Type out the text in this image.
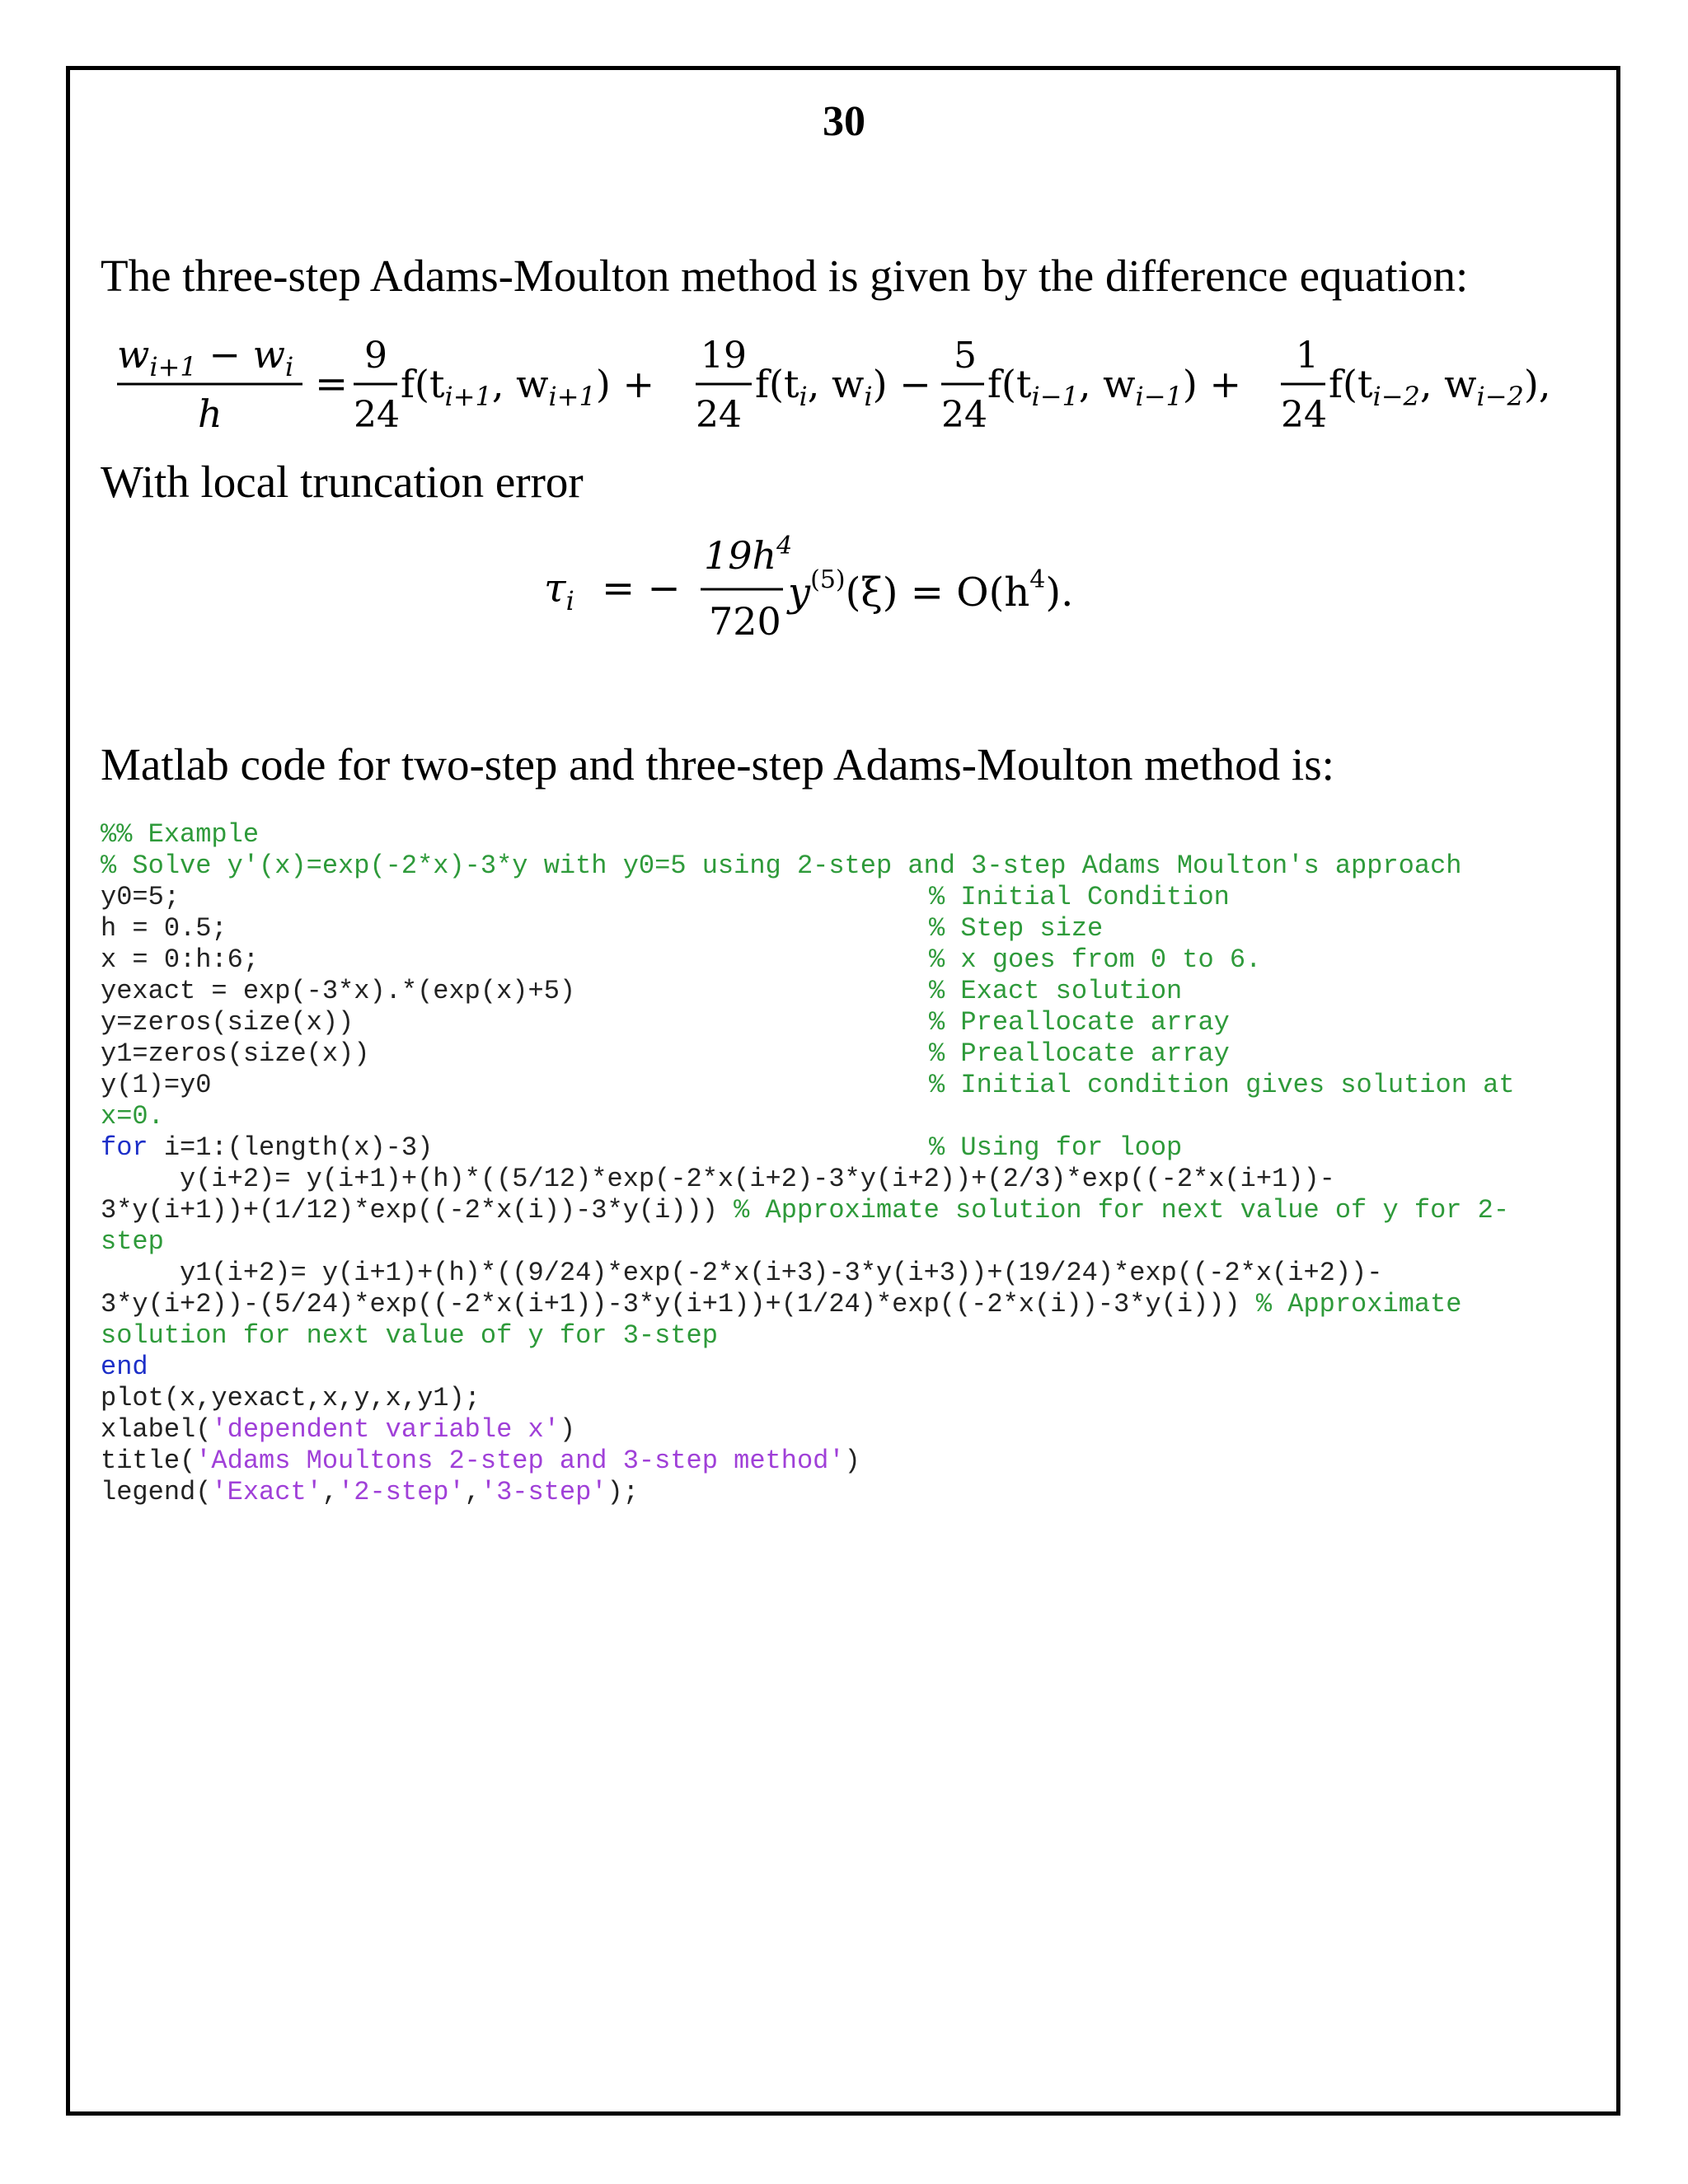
30
The three-step Adams-Moulton method is given by the difference equation:
$w_{i+1} - w_i$
h
=
9
24
$f(t_{i+1}$, $w_{i+1}$) +
19
24
$f(t_i$, $w_i$) −
5
24
$f(t_{i-1}$, $w_{i-1}$) +
1
24
$f(t_{i-2}$, $w_{i-2}$),
With local truncation error
$\tau_i$ = −
$19h^4$
720
$y^{(5)}(\xi) = O(h^4)$.
Matlab code for two-step and three-step Adams-Moulton method is:
%% Example
% Solve y'(x)=exp(-2*x)-3*y with y0=5 using 2-step and 3-step Adams Moulton's approach
y0=5;	% Initial Condition
h = 0.5;	% Step size
x = 0:h:6;	% x goes from 0 to 6.
yexact = exp(-3*x).*(exp(x)+5)	% Exact solution
y=zeros(size(x))	% Preallocate array
y1=zeros(size(x))	% Preallocate array
y(1)=y0	% Initial condition gives solution at
x=0.
for i=1:(length(x)-3)	% Using for loop
y(i+2)= y(i+1)+(h)*((5/12)*exp(-2*x(i+2)-3*y(i+2))+(2/3)*exp((-2*x(i+1))-
3*y(i+1))+(1/12)*exp((-2*x(i))-3*y(i))) % Approximate solution for next value of y for 2-
step
y1(i+2)= y(i+1)+(h)*((9/24)*exp(-2*x(i+3)-3*y(i+3))+(19/24)*exp((-2*x(i+2))-
3*y(i+2))-(5/24)*exp((-2*x(i+1))-3*y(i+1))+(1/24)*exp((-2*x(i))-3*y(i))) % Approximate
solution for next value of y for 3-step
end
plot(x,yexact,x,y,x,y1);
xlabel('dependent variable x')
title('Adams Moultons 2-step and 3-step method')
legend('Exact','2-step','3-step');
